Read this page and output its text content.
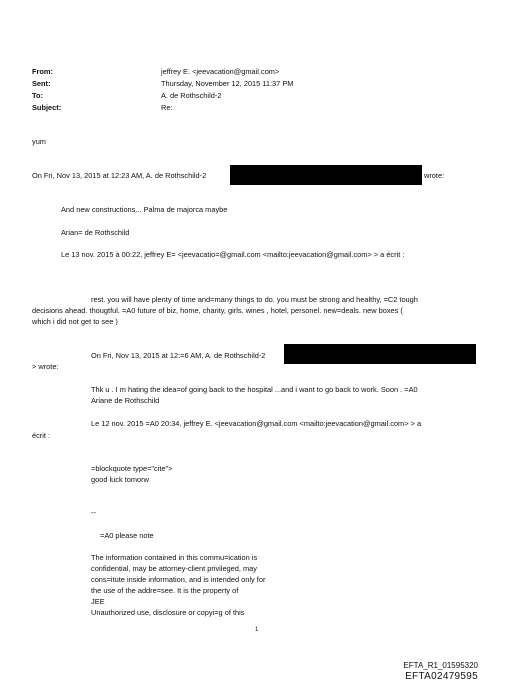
From:	jeffrey E. <jeevacation@gmail.com>
Sent:	Thursday, November 12, 2015 11:37 PM
To:	A. de Rothschild-2
Subject:	Re:
yum
On Fri, Nov 13, 2015 at 12:23 AM, A. de Rothschild-2	wrote:
And new constructions... Palma de majorca maybe
Arian= de Rothschild
Le 13 nov. 2015 à 00:22, jeffrey E= <jeevacatio=@gmail.com <mailto:jeevacation@gmail.com> > a écrit :
rest. you will have plenty of time and=many things to do. you must be strong and healthy, =C2 tough
decisions ahead. thougtful. =A0 future of biz, home, charity, girls. wines , hotel, personel. new=deals. new boxes (
which i did not get to see )
On Fri, Nov 13, 2015 at 12:=6 AM, A. de Rothschild-2
> wrote:
Thk u . I m hating the idea=of going back to the hospital ...and i want to go back to work. Soon . =A0
Ariane de Rothschild
Le 12 nov. 2015 =A0 20:34, jeffrey E. <jeevacation@gmail.com <mailto:jeevacation@gmail.com> > a
écrit :
=blockquote type="cite">
good luck tomorw
--
=A0 please note
The information contained in this commu=ication is
confidential, may be attorney-client privileged, may
cons=itute inside information, and is intended only for
the use of the addre=see. It is the property of
JEE
Unauthorized use, disclosure or copyi=g of this
1
EFTA_R1_01595320
EFTA02479595
